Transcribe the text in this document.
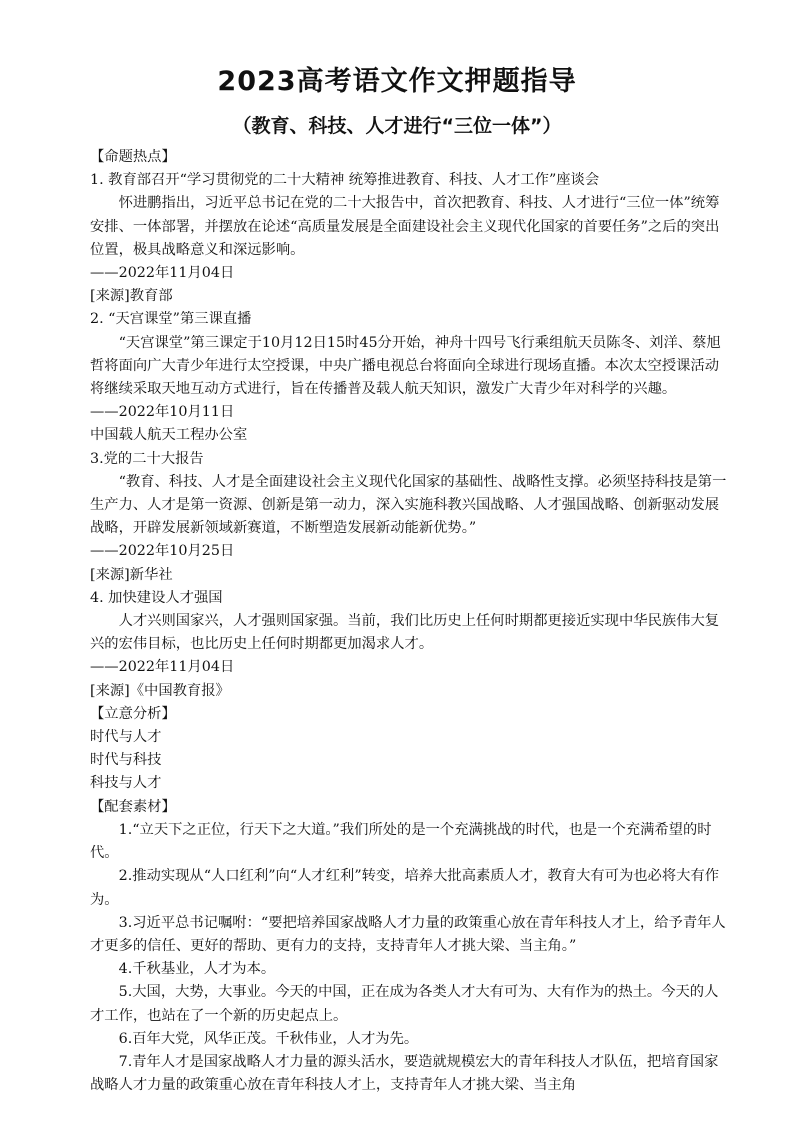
2023高考语文作文押题指导
（教育、科技、人才进行“三位一体”）

【命题热点】

1. 教育部召开“学习贯彻党的二十大精神 统筹推进教育、科技、人才工作”座谈会

怀进鹏指出，习近平总书记在党的二十大报告中，首次把教育、科技、人才进行“三位一体”统筹安排、一体部署，并摆放在论述“高质量发展是全面建设社会主义现代化国家的首要任务”之后的突出位置，极具战略意义和深远影响。

——2022年11月04日

[来源]教育部

2. “天宫课堂”第三课直播

“天宫课堂”第三课定于10月12日15时45分开始，神舟十四号飞行乘组航天员陈冬、刘洋、蔡旭哲将面向广大青少年进行太空授课，中央广播电视总台将面向全球进行现场直播。本次太空授课活动将继续采取天地互动方式进行，旨在传播普及载人航天知识，激发广大青少年对科学的兴趣。

——2022年10月11日

中国载人航天工程办公室

3.党的二十大报告

“教育、科技、人才是全面建设社会主义现代化国家的基础性、战略性支撑。必须坚持科技是第一生产力、人才是第一资源、创新是第一动力，深入实施科教兴国战略、人才强国战略、创新驱动发展战略，开辟发展新领域新赛道，不断塑造发展新动能新优势。”

——2022年10月25日

[来源]新华社

4. 加快建设人才强国

人才兴则国家兴，人才强则国家强。当前，我们比历史上任何时期都更接近实现中华民族伟大复兴的宏伟目标，也比历史上任何时期都更加渴求人才。

——2022年11月04日

[来源]《中国教育报》

【立意分析】

时代与人才

时代与科技

科技与人才

【配套素材】

1.“立天下之正位，行天下之大道。”我们所处的是一个充满挑战的时代，也是一个充满希望的时代。

2.推动实现从“人口红利”向“人才红利”转变，培养大批高素质人才，教育大有可为也必将大有作为。

3.习近平总书记嘱咐：“要把培养国家战略人才力量的政策重心放在青年科技人才上，给予青年人才更多的信任、更好的帮助、更有力的支持，支持青年人才挑大梁、当主角。”

4.千秋基业，人才为本。

5.大国，大势，大事业。今天的中国，正在成为各类人才大有可为、大有作为的热土。今天的人才工作，也站在了一个新的历史起点上。

6.百年大党，风华正茂。千秋伟业，人才为先。

7.青年人才是国家战略人才力量的源头活水，要造就规模宏大的青年科技人才队伍，把培育国家战略人才力量的政策重心放在青年科技人才上，支持青年人才挑大梁、当主角
